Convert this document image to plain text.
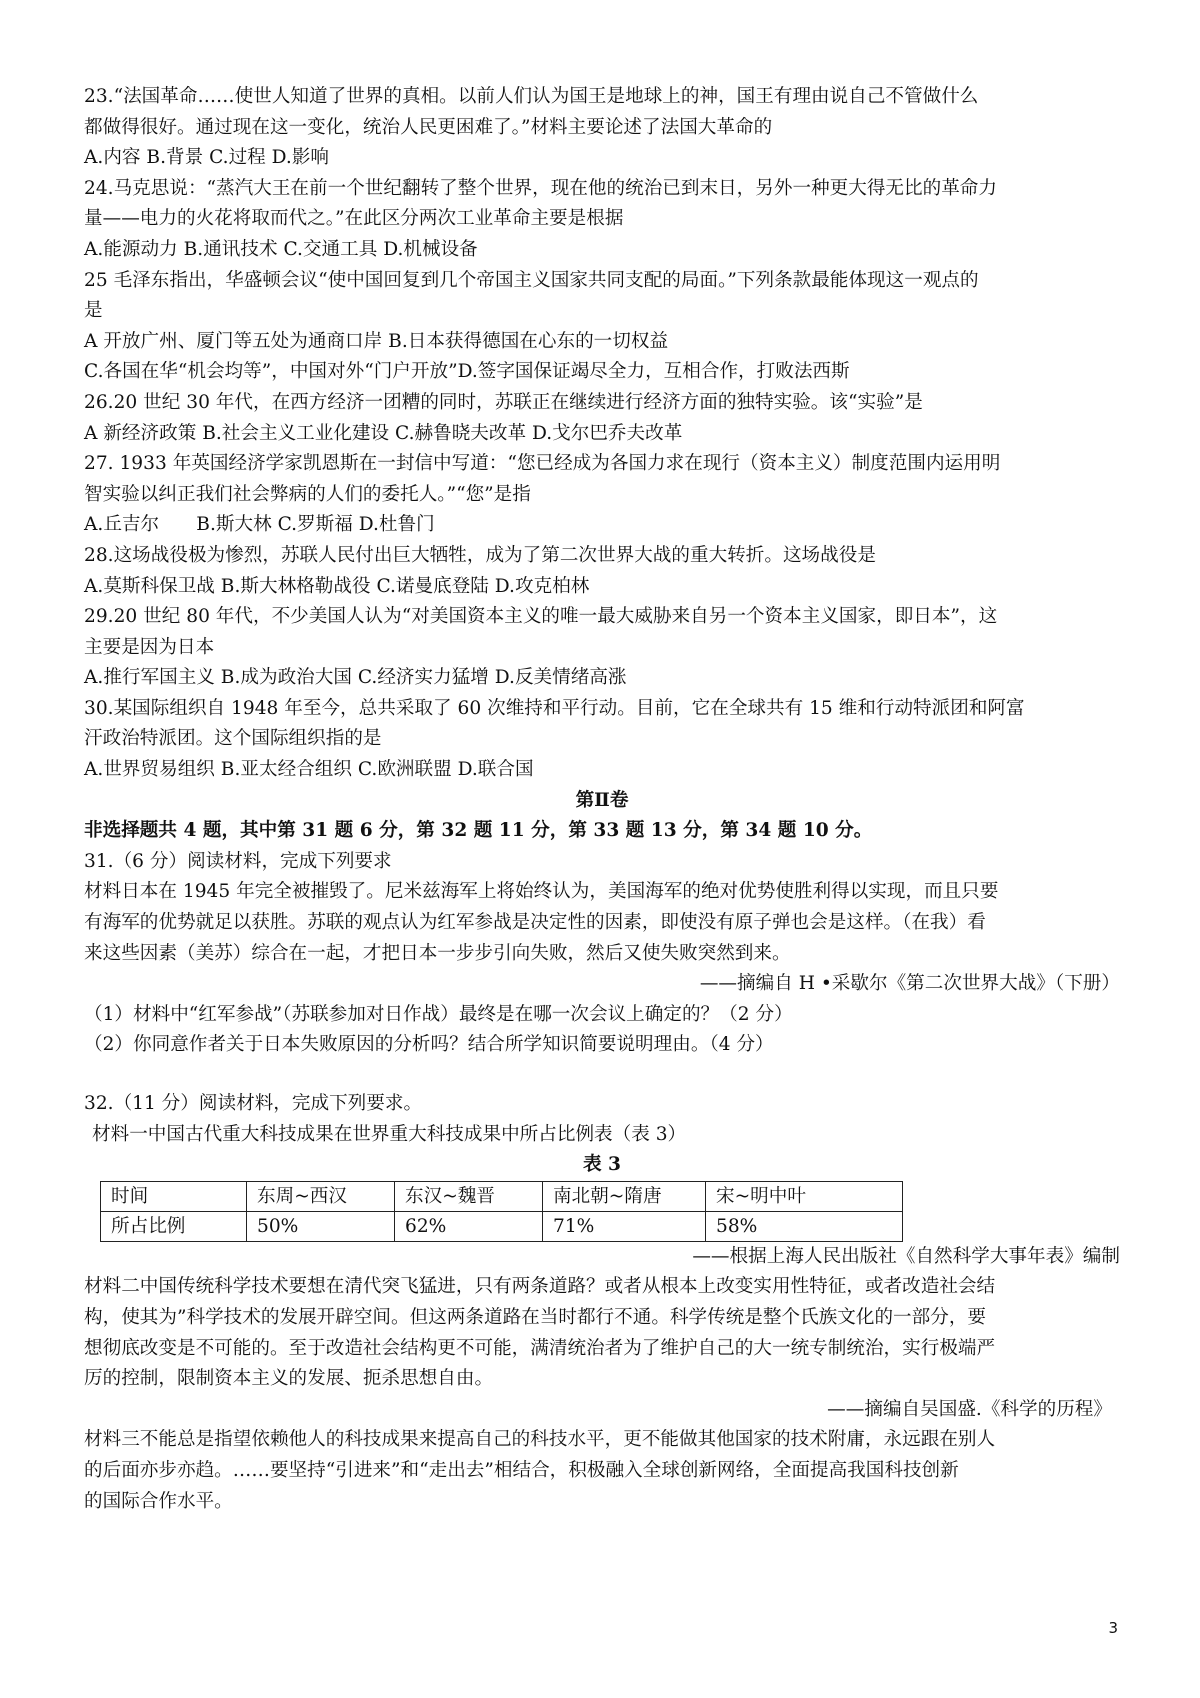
23.“法国革命……使世人知道了世界的真相。以前人们认为国王是地球上的神，国王有理由说自己不管做什么
都做得很好。通过现在这一变化，统治人民更困难了。”材料主要论述了法国大革命的
A.内容 B.背景 C.过程 D.影响
24.马克思说：“蒸汽大王在前一个世纪翻转了整个世界，现在他的统治已到末日，另外一种更大得无比的革命力
量——电力的火花将取而代之。”在此区分两次工业革命主要是根据
A.能源动力 B.通讯技术 C.交通工具 D.机械设备
25 毛泽东指出，华盛顿会议“使中国回复到几个帝国主义国家共同支配的局面。”下列条款最能体现这一观点的
是
A 开放广州、厦门等五处为通商口岸 B.日本获得德国在心东的一切权益
C.各国在华“机会均等”，中国对外“门户开放”D.签字国保证竭尽全力，互相合作，打败法西斯
26.20 世纪 30 年代，在西方经济一团糟的同时，苏联正在继续进行经济方面的独特实验。该“实验”是
A 新经济政策 B.社会主义工业化建设 C.赫鲁晓夫改革 D.戈尔巴乔夫改革
27. 1933 年英国经济学家凯恩斯在一封信中写道：“您已经成为各国力求在现行（资本主义）制度范围内运用明
智实验以纠正我们社会弊病的人们的委托人。”“您”是指
A.丘吉尔　　B.斯大林 C.罗斯福 D.杜鲁门
28.这场战役极为惨烈，苏联人民付出巨大牺牲，成为了第二次世界大战的重大转折。这场战役是
A.莫斯科保卫战 B.斯大林格勒战役 C.诺曼底登陆 D.攻克柏林
29.20 世纪 80 年代，不少美国人认为“对美国资本主义的唯一最大威胁来自另一个资本主义国家，即日本”，这
主要是因为日本
A.推行军国主义 B.成为政治大国 C.经济实力猛增 D.反美情绪高涨
30.某国际组织自 1948 年至今，总共采取了 60 次维持和平行动。目前，它在全球共有 15 维和行动特派团和阿富
汗政治特派团。这个国际组织指的是
A.世界贸易组织 B.亚太经合组织 C.欧洲联盟 D.联合国
第Ⅱ卷
非选择题共 4 题，其中第 31 题 6 分，第 32 题 11 分，第 33 题 13 分，第 34 题 10 分。
31.（6 分）阅读材料，完成下列要求
材料日本在 1945 年完全被摧毁了。尼米兹海军上将始终认为，美国海军的绝对优势使胜利得以实现，而且只要
有海军的优势就足以获胜。苏联的观点认为红军参战是决定性的因素，即使没有原子弹也会是这样。（在我）看
来这些因素（美苏）综合在一起，才把日本一步步引向失败，然后又使失败突然到来。
——摘编自 H •采歇尔《第二次世界大战》（下册）
（1）材料中“红军参战”（苏联参加对日作战）最终是在哪一次会议上确定的？（2 分）
（2）你同意作者关于日本失败原因的分析吗？结合所学知识简要说明理由。（4 分）
32.（11 分）阅读材料，完成下列要求。
材料一中国古代重大科技成果在世界重大科技成果中所占比例表（表 3）
表 3
时间	东周~西汉	东汉~魏晋	南北朝~隋唐	宋~明中叶
所占比例	50%	62%	71%	58%
——根据上海人民出版社《自然科学大事年表》编制
材料二中国传统科学技术要想在清代突飞猛进，只有两条道路？或者从根本上改变实用性特征，或者改造社会结
构，使其为”科学技术的发展开辟空间。但这两条道路在当时都行不通。科学传统是整个氏族文化的一部分，要
想彻底改变是不可能的。至于改造社会结构更不可能，满清统治者为了维护自己的大一统专制统治，实行极端严
厉的控制，限制资本主义的发展、扼杀思想自由。
——摘编自吴国盛.《科学的历程》
材料三不能总是指望依赖他人的科技成果来提高自己的科技水平，更不能做其他国家的技术附庸，永远跟在别人
的后面亦步亦趋。……要坚持“引进来”和“走出去”相结合，积极融入全球创新网络，全面提高我国科技创新
的国际合作水平。
3
